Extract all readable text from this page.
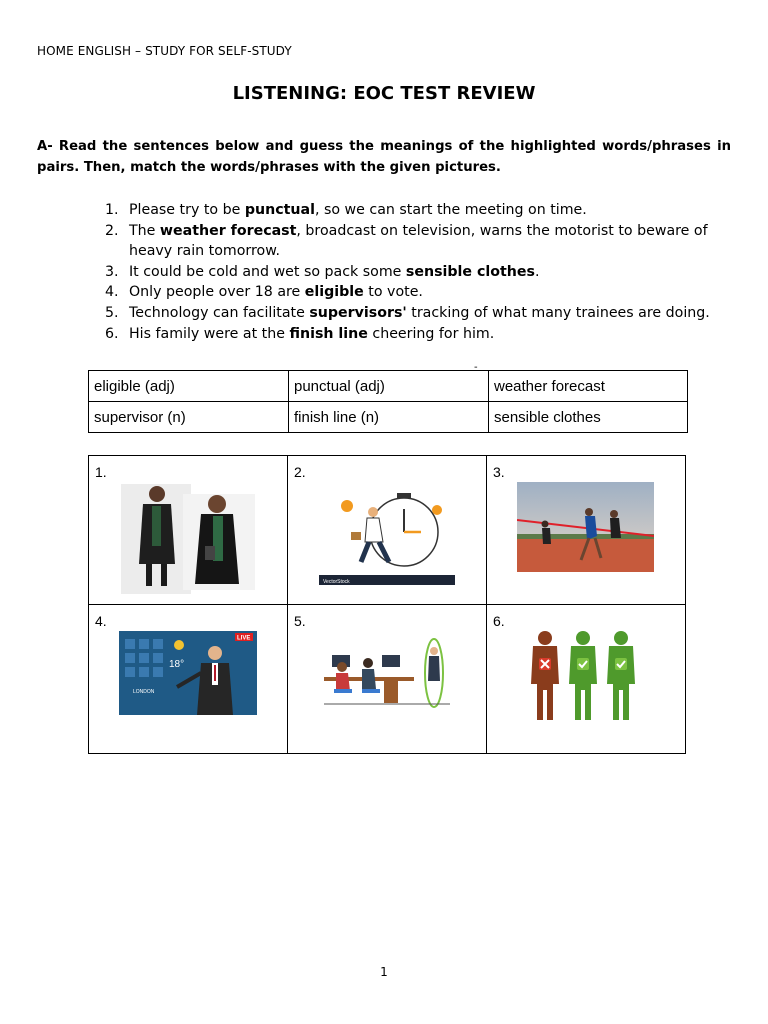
HOME ENGLISH – STUDY FOR SELF-STUDY
LISTENING: EOC TEST REVIEW
A- Read the sentences below and guess the meanings of the highlighted words/phrases in pairs. Then, match the words/phrases with the given pictures.
1. Please try to be punctual, so we can start the meeting on time.
2. The weather forecast, broadcast on television, warns the motorist to beware of heavy rain tomorrow.
3. It could be cold and wet so pack some sensible clothes.
4. Only people over 18 are eligible to vote.
5. Technology can facilitate supervisors' tracking of what many trainees are doing.
6. His family were at the finish line cheering for him.
-
eligible (adj)	punctual (adj)	weather forecast
supervisor (n)	finish line (n)	sensible clothes
1.	2.
VectorStock	3.

4.
LIVE
18°
LONDON	5.	6.
1
